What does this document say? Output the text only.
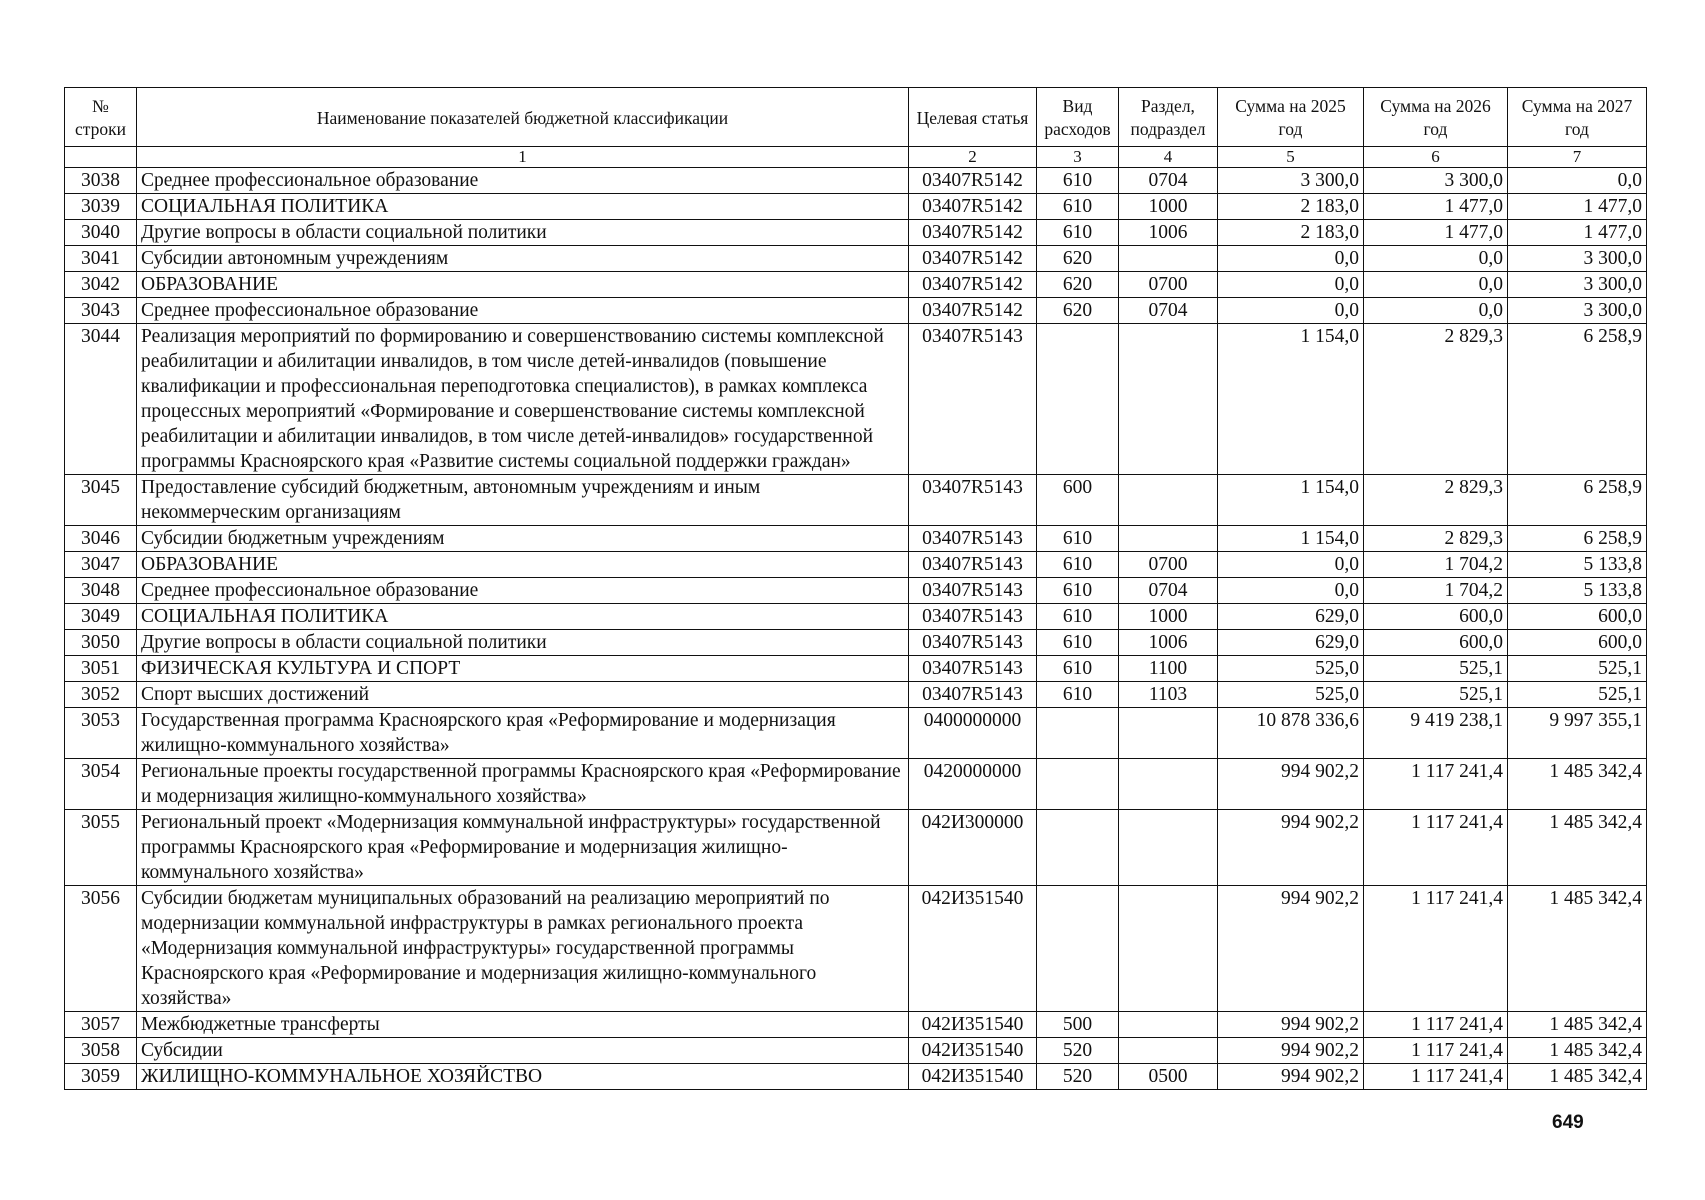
№ строки	Наименование показателей бюджетной классификации	Целевая статья	Вид расходов	Раздел, подраздел	Сумма на 2025 год	Сумма на 2026 год	Сумма на 2027 год
	1	2	3	4	5	6	7
3038	Среднее профессиональное образование	03407R5142	610	0704	3 300,0	3 300,0	0,0
3039	СОЦИАЛЬНАЯ ПОЛИТИКА	03407R5142	610	1000	2 183,0	1 477,0	1 477,0
3040	Другие вопросы в области социальной политики	03407R5142	610	1006	2 183,0	1 477,0	1 477,0
3041	Субсидии автономным учреждениям	03407R5142	620		0,0	0,0	3 300,0
3042	ОБРАЗОВАНИЕ	03407R5142	620	0700	0,0	0,0	3 300,0
3043	Среднее профессиональное образование	03407R5142	620	0704	0,0	0,0	3 300,0
3044	Реализация мероприятий по формированию и совершенствованию системы комплексной реабилитации и абилитации инвалидов, в том числе детей-инвалидов (повышение квалификации и профессиональная переподготовка специалистов), в рамках комплекса процессных мероприятий «Формирование и совершенствование системы комплексной реабилитации и абилитации инвалидов, в том числе детей-инвалидов» государственной программы Красноярского края «Развитие системы социальной поддержки граждан»	03407R5143			1 154,0	2 829,3	6 258,9
3045	Предоставление субсидий бюджетным, автономным учреждениям и иным некоммерческим организациям	03407R5143	600		1 154,0	2 829,3	6 258,9
3046	Субсидии бюджетным учреждениям	03407R5143	610		1 154,0	2 829,3	6 258,9
3047	ОБРАЗОВАНИЕ	03407R5143	610	0700	0,0	1 704,2	5 133,8
3048	Среднее профессиональное образование	03407R5143	610	0704	0,0	1 704,2	5 133,8
3049	СОЦИАЛЬНАЯ ПОЛИТИКА	03407R5143	610	1000	629,0	600,0	600,0
3050	Другие вопросы в области социальной политики	03407R5143	610	1006	629,0	600,0	600,0
3051	ФИЗИЧЕСКАЯ КУЛЬТУРА И СПОРТ	03407R5143	610	1100	525,0	525,1	525,1
3052	Спорт высших достижений	03407R5143	610	1103	525,0	525,1	525,1
3053	Государственная программа Красноярского края «Реформирование и модернизация жилищно-коммунального хозяйства»	0400000000			10 878 336,6	9 419 238,1	9 997 355,1
3054	Региональные проекты государственной программы Красноярского края «Реформирование и модернизация жилищно-коммунального хозяйства»	0420000000			994 902,2	1 117 241,4	1 485 342,4
3055	Региональный проект «Модернизация коммунальной инфраструктуры» государственной программы Красноярского края «Реформирование и модернизация жилищно-коммунального хозяйства»	042И300000			994 902,2	1 117 241,4	1 485 342,4
3056	Субсидии бюджетам муниципальных образований на реализацию мероприятий по модернизации коммунальной инфраструктуры в рамках регионального проекта «Модернизация коммунальной инфраструктуры» государственной программы Красноярского края «Реформирование и модернизация жилищно-коммунального хозяйства»	042И351540			994 902,2	1 117 241,4	1 485 342,4
3057	Межбюджетные трансферты	042И351540	500		994 902,2	1 117 241,4	1 485 342,4
3058	Субсидии	042И351540	520		994 902,2	1 117 241,4	1 485 342,4
3059	ЖИЛИЩНО-КОММУНАЛЬНОЕ ХОЗЯЙСТВО	042И351540	520	0500	994 902,2	1 117 241,4	1 485 342,4
649
